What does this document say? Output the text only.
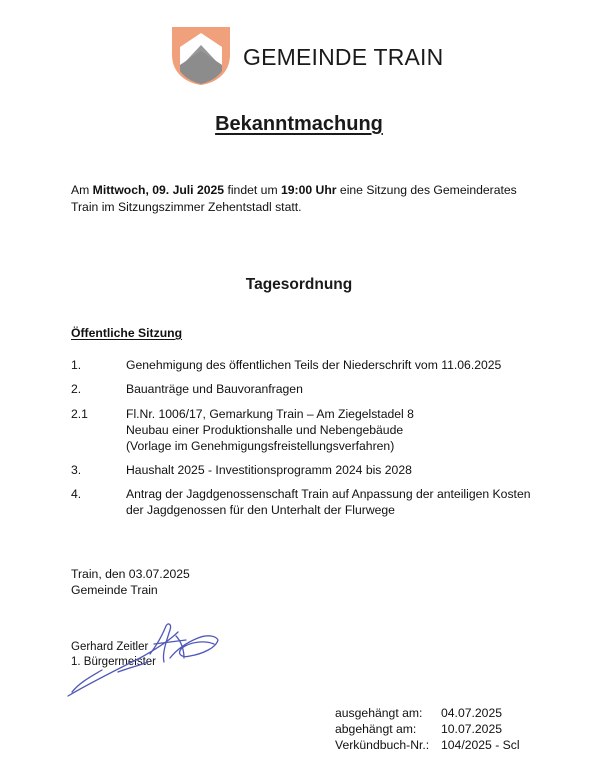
GEMEINDE TRAIN
Bekanntmachung
Am Mittwoch, 09. Juli 2025 findet um 19:00 Uhr eine Sitzung des Gemeinderates
Train im Sitzungszimmer Zehentstadl statt.
Tagesordnung
Öffentliche Sitzung
1.	Genehmigung des öffentlichen Teils der Niederschrift vom 11.06.2025
2.	Bauanträge und Bauvoranfragen
2.1	Fl.Nr. 1006/17, Gemarkung Train – Am Ziegelstadel 8
Neubau einer Produktionshalle und Nebengebäude
(Vorlage im Genehmigungsfreistellungsverfahren)
3.	Haushalt 2025 - Investitionsprogramm 2024 bis 2028
4.	Antrag der Jagdgenossenschaft Train auf Anpassung der anteiligen Kosten
der Jagdgenossen für den Unterhalt der Flurwege
Train, den 03.07.2025
Gemeinde Train
Gerhard Zeitler
1. Bürgermeister
ausgehängt am: 04.07.2025
abgehängt am: 10.07.2025
Verkündbuch-Nr.: 104/2025 - Scl
